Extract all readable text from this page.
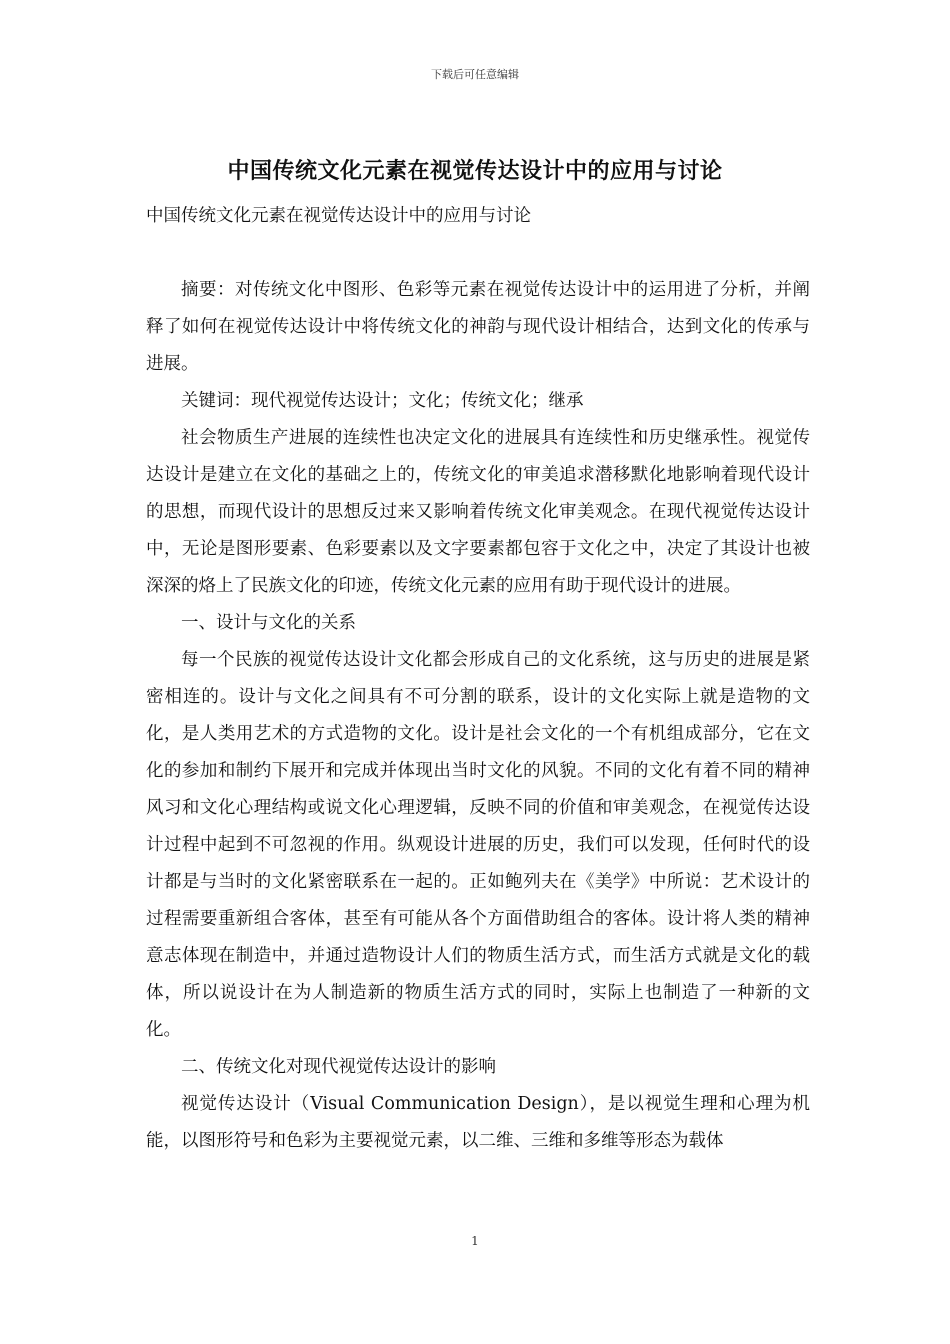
下载后可任意编辑
中国传统文化元素在视觉传达设计中的应用与讨论

中国传统文化元素在视觉传达设计中的应用与讨论

摘要：对传统文化中图形、色彩等元素在视觉传达设计中的运用进了分析，并阐释了如何在视觉传达设计中将传统文化的神韵与现代设计相结合，达到文化的传承与进展。

关键词：现代视觉传达设计；文化；传统文化；继承

社会物质生产进展的连续性也决定文化的进展具有连续性和历史继承性。视觉传达设计是建立在文化的基础之上的，传统文化的审美追求潜移默化地影响着现代设计的思想，而现代设计的思想反过来又影响着传统文化审美观念。在现代视觉传达设计中，无论是图形要素、色彩要素以及文字要素都包容于文化之中，决定了其设计也被深深的烙上了民族文化的印迹，传统文化元素的应用有助于现代设计的进展。

一、设计与文化的关系

每一个民族的视觉传达设计文化都会形成自己的文化系统，这与历史的进展是紧密相连的。设计与文化之间具有不可分割的联系，设计的文化实际上就是造物的文化，是人类用艺术的方式造物的文化。设计是社会文化的一个有机组成部分，它在文化的参加和制约下展开和完成并体现出当时文化的风貌。不同的文化有着不同的精神风习和文化心理结构或说文化心理逻辑，反映不同的价值和审美观念，在视觉传达设计过程中起到不可忽视的作用。纵观设计进展的历史，我们可以发现，任何时代的设计都是与当时的文化紧密联系在一起的。正如鲍列夫在《美学》中所说：艺术设计的过程需要重新组合客体，甚至有可能从各个方面借助组合的客体。设计将人类的精神意志体现在制造中，并通过造物设计人们的物质生活方式，而生活方式就是文化的载体，所以说设计在为人制造新的物质生活方式的同时，实际上也制造了一种新的文化。

二、传统文化对现代视觉传达设计的影响

视觉传达设计（Visual Communication Design），是以视觉生理和心理为机能，以图形符号和色彩为主要视觉元素，以二维、三维和多维等形态为载体

1
